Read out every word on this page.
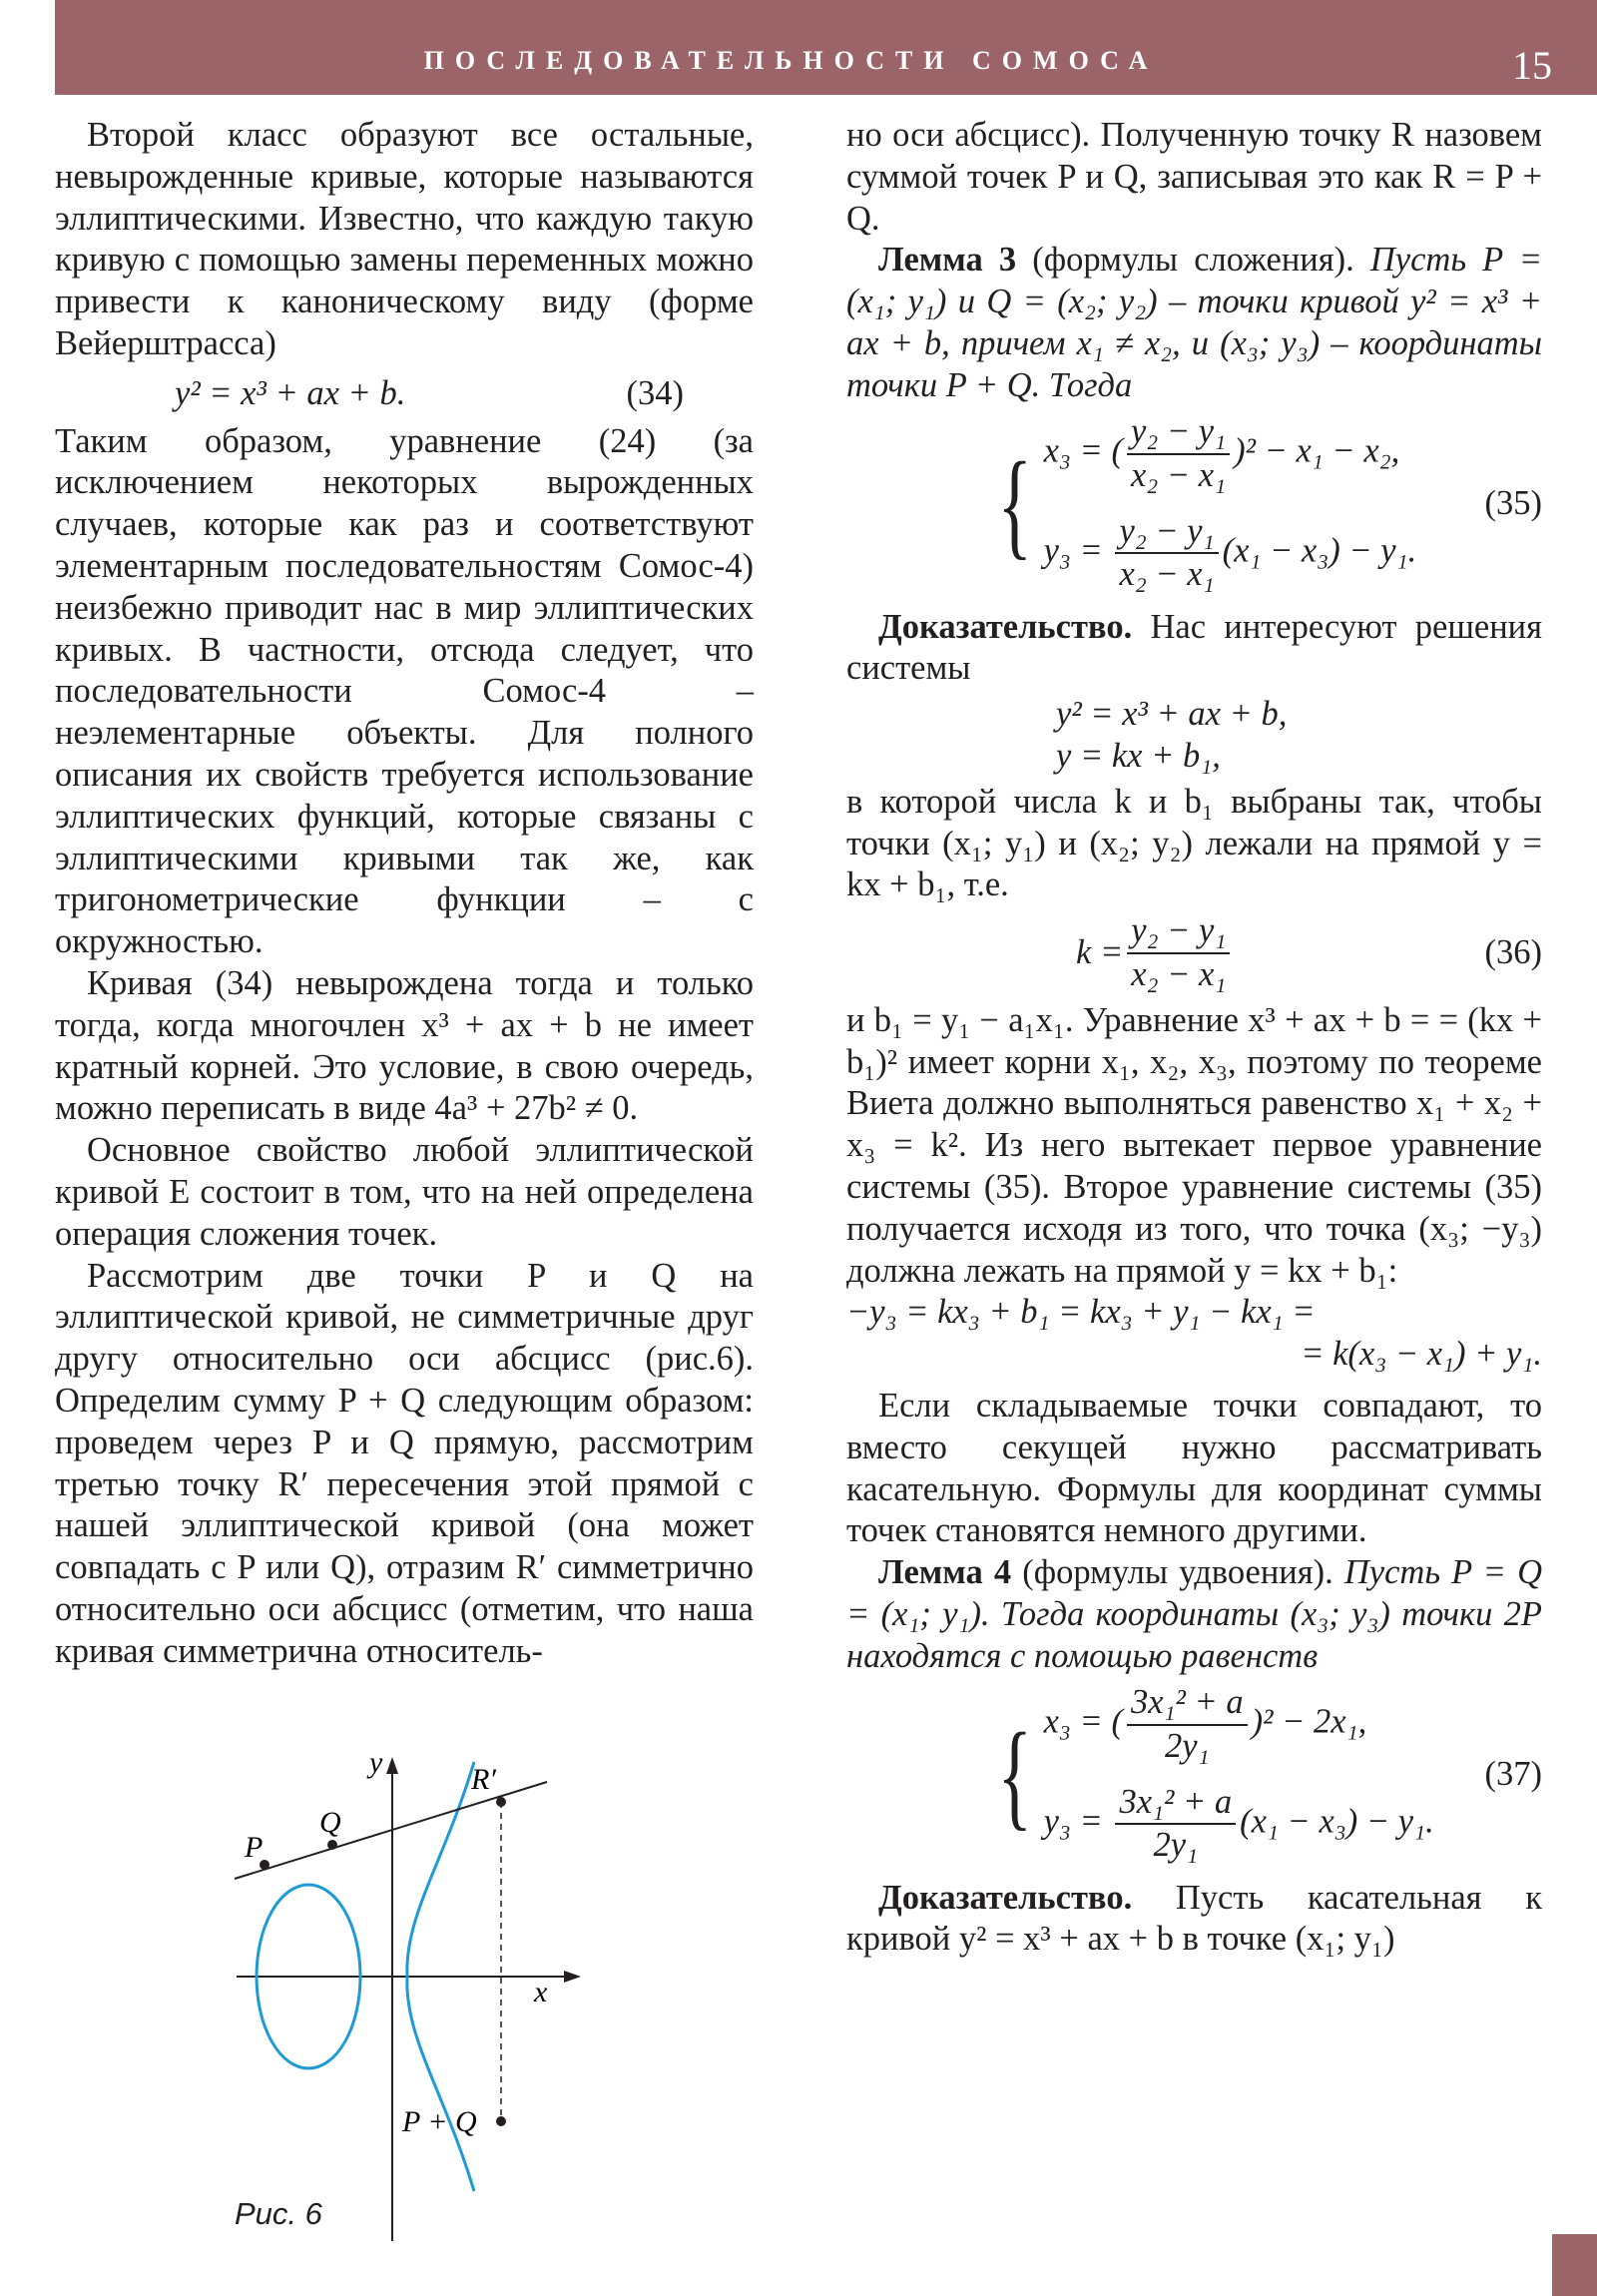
ПОСЛЕДОВАТЕЛЬНОСТИ СОМОСА	15

Второй класс образуют все остальные, невырожденные кривые, которые называются эллиптическими. Известно, что каждую такую кривую с помощью замены переменных можно привести к каноническому виду (форме Вейерштрасса)

y² = x³ + ax + b.	(34)

Таким образом, уравнение (24) (за исключением некоторых вырожденных случаев, которые как раз и соответствуют элементарным последовательностям Сомос-4) неизбежно приводит нас в мир эллиптических кривых. В частности, отсюда следует, что последовательности Сомос-4 – неэлементарные объекты. Для полного описания их свойств требуется использование эллиптических функций, которые связаны с эллиптическими кривыми так же, как тригонометрические функции – с окружностью.

Кривая (34) невырождена тогда и только тогда, когда многочлен x³ + ax + b не имеет кратный корней. Это условие, в свою очередь, можно переписать в виде 4a³ + 27b² ≠ 0.

Основное свойство любой эллиптической кривой E состоит в том, что на ней определена операция сложения точек.

Рассмотрим две точки P и Q на эллиптической кривой, не симметричные друг другу относительно оси абсцисс (рис.6). Определим сумму P + Q следующим образом: проведем через P и Q прямую, рассмотрим третью точку R′ пересечения этой прямой с нашей эллиптической кривой (она может совпадать с P или Q), отразим R′ симметрично относительно оси абсцисс (отметим, что наша кривая симметрична относитель-

y
x
P
Q
R′
P + Q
Рис. 6

но оси абсцисс). Полученную точку R назовем суммой точек P и Q, записывая это как R = P + Q.

Лемма 3 (формулы сложения). Пусть P = (x₁; y₁) и Q = (x₂; y₂) – точки кривой y² = x³ + ax + b, причем x₁ ≠ x₂, и (x₃; y₃) – координаты точки P + Q. Тогда

{ x₃ = ( $\frac{\text{y₂ − y₁}}{\text{x₂ − x₁}} )^2 - x_1 - x_2$,
$y_3 = \frac{\text{y₂ − y₁}}{\text{x₂ − x₁}} (x_1 - x_3) - y_1$.
(35)

Доказательство. Нас интересуют решения системы

y² = x³ + ax + b,
y = kx + b₁,

в которой числа k и b₁ выбраны так, чтобы точки (x₁; y₁) и (x₂; y₂) лежали на прямой y = kx + b₁, т.е.

$k = \frac{\text{y₂ − y₁}}{\text{x₂ − x₁}}$	(36)

и b₁ = y₁ − a₁x₁. Уравнение x³ + ax + b = = (kx + b₁)² имеет корни x₁, x₂, x₃, поэтому по теореме Виета должно выполняться равенство x₁ + x₂ + x₃ = k². Из него вытекает первое уравнение системы (35). Второе уравнение системы (35) получается исходя из того, что точка (x₃; −y₃) должна лежать на прямой y = kx + b₁:

−y₃ = kx₃ + b₁ = kx₃ + y₁ − kx₁ =
= k(x₃ − x₁) + y₁.

Если складываемые точки совпадают, то вместо секущей нужно рассматривать касательную. Формулы для координат суммы точек становятся немного другими.

Лемма 4 (формулы удвоения). Пусть P = Q = (x₁; y₁). Тогда координаты (x₃; y₃) точки 2P находятся с помощью равенств

{ x₃ = ( $\frac{\text{3x₁² + a}}{\text{2y₁}} )^2 - 2x_1$,
$y_3 = \frac{\text{3x₁² + a}}{\text{2y₁}} (x_1 - x_3) - y_1$.
(37)

Доказательство. Пусть касательная к кривой y² = x³ + ax + b в точке (x₁; y₁)
